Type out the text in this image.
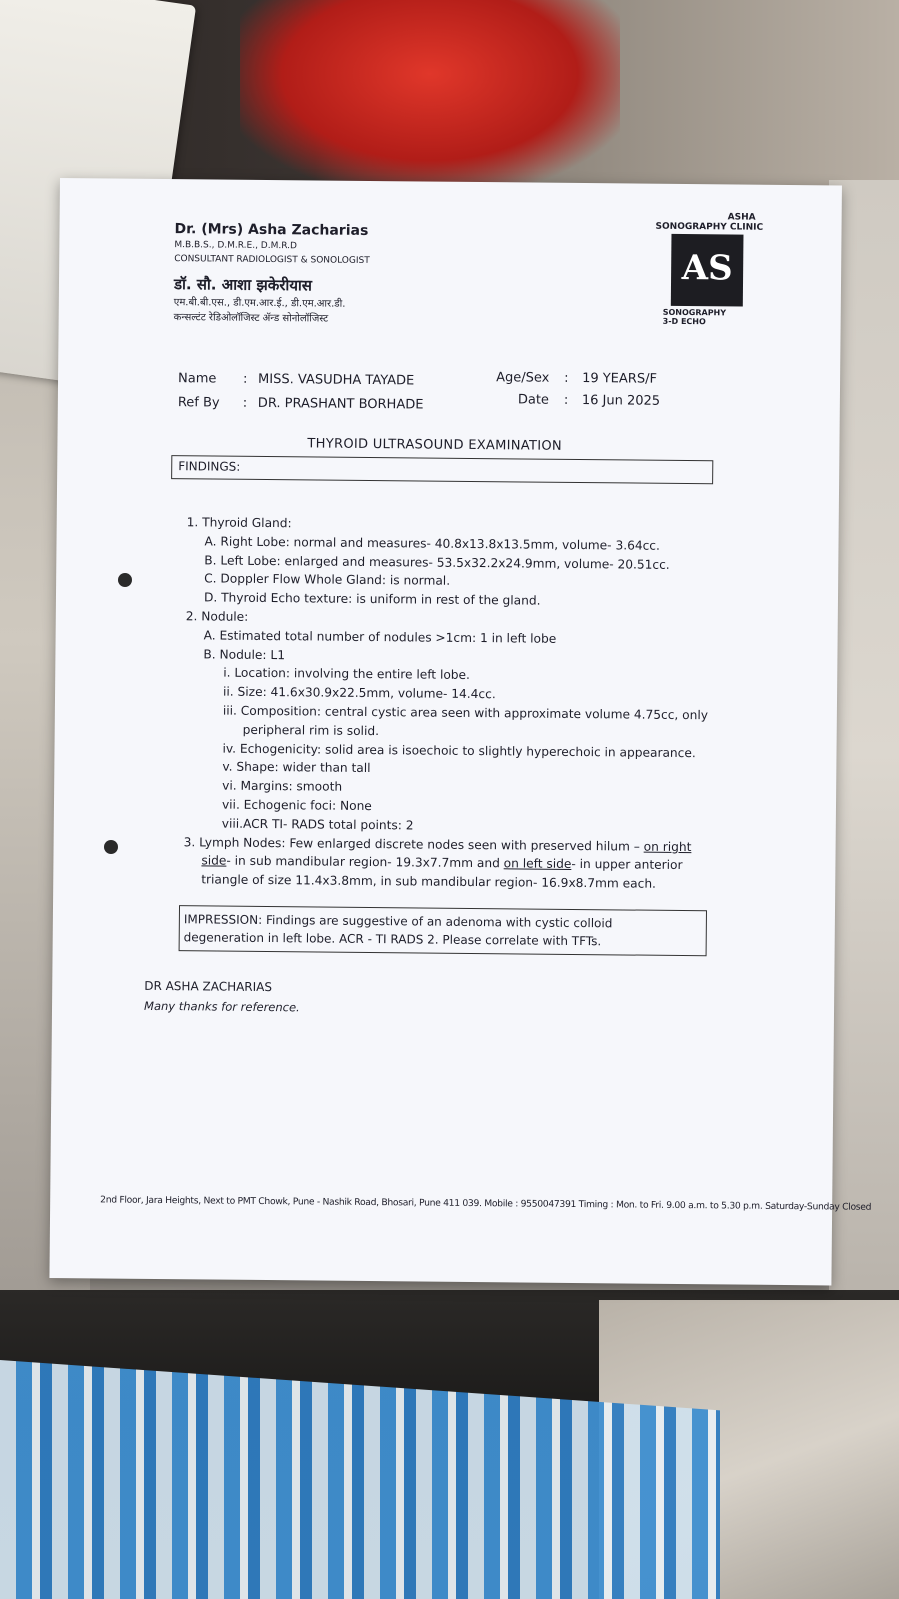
Dr. (Mrs) Asha Zacharias
M.B.B.S., D.M.R.E., D.M.R.D
CONSULTANT RADIOLOGIST & SONOLOGIST
डॉ. सौ. आशा झकेरीयास
एम.बी.बी.एस., डी.एम.आर.ई., डी.एम.आर.डी.
कन्सल्टंट रेडिओलॉजिस्ट ॲन्ड सोनोलॉजिस्ट
ASHA
SONOGRAPHY CLINIC
AS
SONOGRAPHY
3-D ECHO
Name : MISS. VASUDHA TAYADE
Ref By : DR. PRASHANT BORHADE
Age/Sex : 19 YEARS/F
Date : 16 Jun 2025
THYROID ULTRASOUND EXAMINATION
FINDINGS:
1. Thyroid Gland:
A. Right Lobe: normal and measures- 40.8x13.8x13.5mm, volume- 3.64cc.
B. Left Lobe: enlarged and measures- 53.5x32.2x24.9mm, volume- 20.51cc.
C. Doppler Flow Whole Gland: is normal.
D. Thyroid Echo texture: is uniform in rest of the gland.
2. Nodule:
A. Estimated total number of nodules >1cm: 1 in left lobe
B. Nodule: L1
i. Location: involving the entire left lobe.
ii. Size: 41.6x30.9x22.5mm, volume- 14.4cc.
iii. Composition: central cystic area seen with approximate volume 4.75cc, only
peripheral rim is solid.
iv. Echogenicity: solid area is isoechoic to slightly hyperechoic in appearance.
v. Shape: wider than tall
vi. Margins: smooth
vii. Echogenic foci: None
viii.ACR TI- RADS total points: 2
3. Lymph Nodes: Few enlarged discrete nodes seen with preserved hilum – on right
side- in sub mandibular region- 19.3x7.7mm and on left side- in upper anterior
triangle of size 11.4x3.8mm, in sub mandibular region- 16.9x8.7mm each.
IMPRESSION: Findings are suggestive of an adenoma with cystic colloid
degeneration in left lobe. ACR - TI RADS 2. Please correlate with TFTs.
DR ASHA ZACHARIAS
Many thanks for reference.
2nd Floor, Jara Heights, Next to PMT Chowk, Pune - Nashik Road, Bhosari, Pune 411 039. Mobile : 9550047391 Timing : Mon. to Fri. 9.00 a.m. to 5.30 p.m. Saturday-Sunday Closed
